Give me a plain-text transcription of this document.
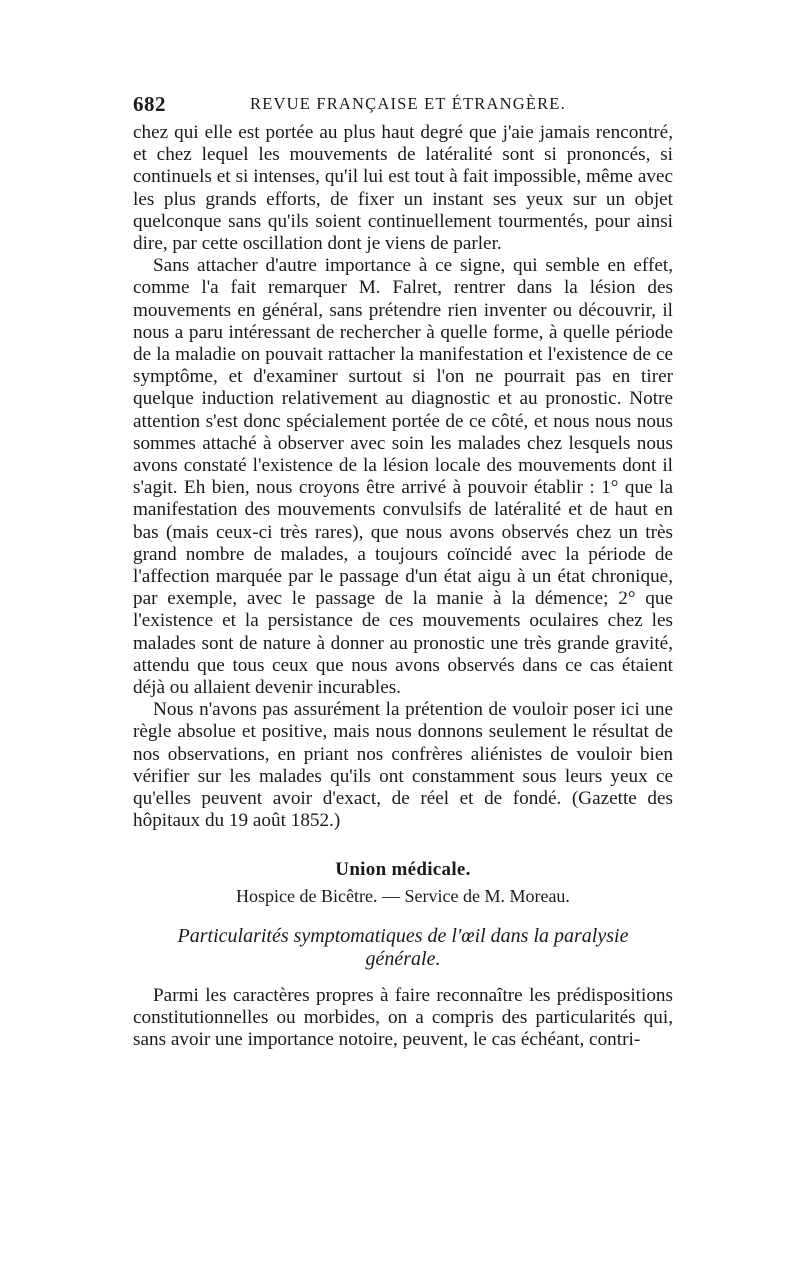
682	REVUE FRANÇAISE ET ÉTRANGÈRE.

chez qui elle est portée au plus haut degré que j'aie jamais rencontré, et chez lequel les mouvements de latéralité sont si prononcés, si continuels et si intenses, qu'il lui est tout à fait impossible, même avec les plus grands efforts, de fixer un instant ses yeux sur un objet quelconque sans qu'ils soient continuellement tourmentés, pour ainsi dire, par cette oscillation dont je viens de parler.

Sans attacher d'autre importance à ce signe, qui semble en effet, comme l'a fait remarquer M. Falret, rentrer dans la lésion des mouvements en général, sans prétendre rien inventer ou découvrir, il nous a paru intéressant de rechercher à quelle forme, à quelle période de la maladie on pouvait rattacher la manifestation et l'existence de ce symptôme, et d'examiner surtout si l'on ne pourrait pas en tirer quelque induction relativement au diagnostic et au pronostic. Notre attention s'est donc spécialement portée de ce côté, et nous nous nous sommes attaché à observer avec soin les malades chez lesquels nous avons constaté l'existence de la lésion locale des mouvements dont il s'agit. Eh bien, nous croyons être arrivé à pouvoir établir : 1° que la manifestation des mouvements convulsifs de latéralité et de haut en bas (mais ceux-ci très rares), que nous avons observés chez un très grand nombre de malades, a toujours coïncidé avec la période de l'affection marquée par le passage d'un état aigu à un état chronique, par exemple, avec le passage de la manie à la démence; 2° que l'existence et la persistance de ces mouvements oculaires chez les malades sont de nature à donner au pronostic une très grande gravité, attendu que tous ceux que nous avons observés dans ce cas étaient déjà ou allaient devenir incurables.

Nous n'avons pas assurément la prétention de vouloir poser ici une règle absolue et positive, mais nous donnons seulement le résultat de nos observations, en priant nos confrères aliénistes de vouloir bien vérifier sur les malades qu'ils ont constamment sous leurs yeux ce qu'elles peuvent avoir d'exact, de réel et de fondé. (Gazette des hôpitaux du 19 août 1852.)

Union médicale.
Hospice de Bicêtre. — Service de M. Moreau.
Particularités symptomatiques de l'œil dans la paralysie
générale.

Parmi les caractères propres à faire reconnaître les prédispositions constitutionnelles ou morbides, on a compris des particularités qui, sans avoir une importance notoire, peuvent, le cas échéant, contri-
